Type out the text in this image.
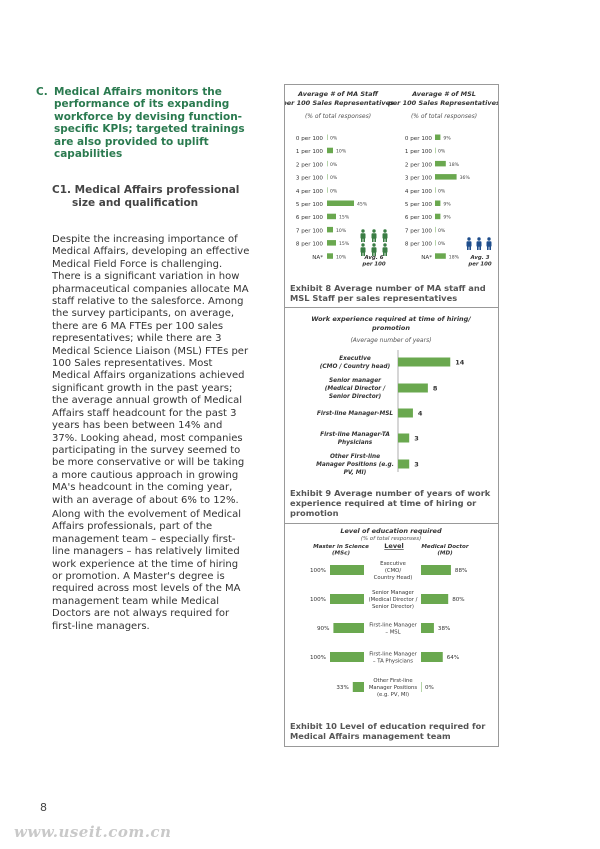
C. Medical Affairs monitors the
performance of its expanding
workforce by devising function-
specific KPIs; targeted trainings
are also provided to uplift
capabilities
C1. Medical Affairs professional
size and qualification
Despite the increasing importance of
Medical Affairs, developing an effective
Medical Field Force is challenging.
There is a significant variation in how
pharmaceutical companies allocate MA
staff relative to the salesforce. Among
the survey participants, on average,
there are 6 MA FTEs per 100 sales
representatives; while there are 3
Medical Science Liaison (MSL) FTEs per
100 Sales representatives. Most
Medical Affairs organizations achieved
significant growth in the past years;
the average annual growth of Medical
Affairs staff headcount for the past 3
years has been between 14% and
37%. Looking ahead, most companies
participating in the survey seemed to
be more conservative or will be taking
a more cautious approach in growing
MA's headcount in the coming year,
with an average of about 6% to 12%.
Along with the evolvement of Medical
Affairs professionals, part of the
management team – especially first-
line managers – has relatively limited
work experience at the time of hiring
or promotion. A Master's degree is
required across most levels of the MA
management team while Medical
Doctors are not always required for
first-line managers.
8
www.useit.com.cn
Average # of MA Staff
per 100 Sales Representatives
(% of total responses)
0 per 100 0%
1 per 100	10%
2 per 100 0%
3 per 100 0%
4 per 100 0%
5 per 100	45%
6 per 100	15%
7 per 100	10%
8 per 100	15%
NA*	10%
Average # of MSL
per 100 Sales Representatives
(% of total responses)
0 per 100 9%
1 per 100 0%
2 per 100	18%
3 per 100	36%
4 per 100 0%
5 per 100 9%
6 per 100 9%
7 per 100 0%
8 per 100 0%
NA*	18%
Avg. 6
per 100
Avg. 3
per 100
Exhibit 8 Average number of MA staff and
MSL Staff per sales representatives
Work experience required at time of hiring/
promotion
(Average number of years)
Executive
(CMO / Country head)
14
Senior manager
(Medical Director /
Senior Director)
8
First-line Manager-MSL	4
First-line Manager-TA
Physicians
3
Other First-line
Manager Positions (e.g.
PV, MI)
3
Exhibit 9 Average number of years of work
experience required at time of hiring or
promotion
Level of education required
(% of total responses)
Master in Science
(MSc)
Medical Doctor
(MD)
Level
Executive
(CMO/
Country Head)
100%	88%
Senior Manager
(Medical Director /
Senior Director)
100%	80%
First-line Manager
– MSL
90%	38%
First-line Manager
– TA Physicians
100%	64%
Other First-line
Manager Positions
(e.g. PV, MI)
33%	0%
Exhibit 10 Level of education required for
Medical Affairs management team
